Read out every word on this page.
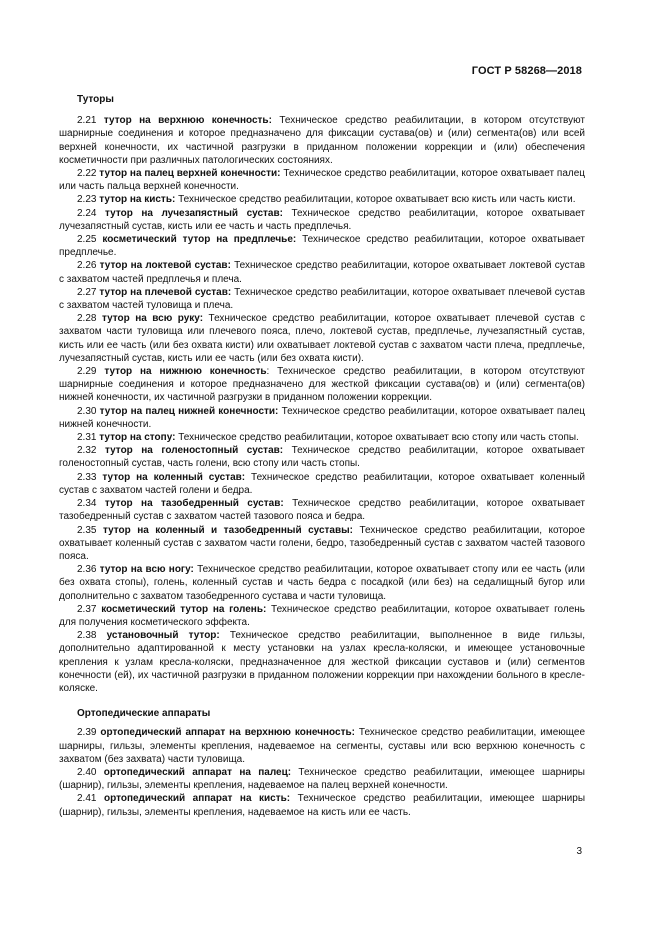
ГОСТ Р 58268—2018
Туторы

2.21 тутор на верхнюю конечность: Техническое средство реабилитации, в котором отсутствуют шарнирные соединения и которое предназначено для фиксации сустава(ов) и (или) сегмента(ов) или всей верхней конечности, их частичной разгрузки в приданном положении коррекции и (или) обеспечения косметичности при различных патологических состояниях.

2.22 тутор на палец верхней конечности: Техническое средство реабилитации, которое охватывает палец или часть пальца верхней конечности.

2.23 тутор на кисть: Техническое средство реабилитации, которое охватывает всю кисть или часть кисти.

2.24 тутор на лучезапястный сустав: Техническое средство реабилитации, которое охватывает лучезапястный сустав, кисть или ее часть и часть предплечья.

2.25 косметический тутор на предплечье: Техническое средство реабилитации, которое охватывает предплечье.

2.26 тутор на локтевой сустав: Техническое средство реабилитации, которое охватывает локтевой сустав с захватом частей предплечья и плеча.

2.27 тутор на плечевой сустав: Техническое средство реабилитации, которое охватывает плечевой сустав с захватом частей туловища и плеча.

2.28 тутор на всю руку: Техническое средство реабилитации, которое охватывает плечевой сустав с захватом части туловища или плечевого пояса, плечо, локтевой сустав, предплечье, лучезапястный сустав, кисть или ее часть (или без охвата кисти) или охватывает локтевой сустав с захватом части плеча, предплечье, лучезапястный сустав, кисть или ее часть (или без охвата кисти).

2.29 тутор на нижнюю конечность: Техническое средство реабилитации, в котором отсутствуют шарнирные соединения и которое предназначено для жесткой фиксации сустава(ов) и (или) сегмента(ов) нижней конечности, их частичной разгрузки в приданном положении коррекции.

2.30 тутор на палец нижней конечности: Техническое средство реабилитации, которое охватывает палец нижней конечности.

2.31 тутор на стопу: Техническое средство реабилитации, которое охватывает всю стопу или часть стопы.

2.32 тутор на голеностопный сустав: Техническое средство реабилитации, которое охватывает голеностопный сустав, часть голени, всю стопу или часть стопы.

2.33 тутор на коленный сустав: Техническое средство реабилитации, которое охватывает коленный сустав с захватом частей голени и бедра.

2.34 тутор на тазобедренный сустав: Техническое средство реабилитации, которое охватывает тазобедренный сустав с захватом частей тазового пояса и бедра.

2.35 тутор на коленный и тазобедренный суставы: Техническое средство реабилитации, которое охватывает коленный сустав с захватом части голени, бедро, тазобедренный сустав с захватом частей тазового пояса.

2.36 тутор на всю ногу: Техническое средство реабилитации, которое охватывает стопу или ее часть (или без охвата стопы), голень, коленный сустав и часть бедра с посадкой (или без) на седалищный бугор или дополнительно с захватом тазобедренного сустава и части туловища.

2.37 косметический тутор на голень: Техническое средство реабилитации, которое охватывает голень для получения косметического эффекта.

2.38 установочный тутор: Техническое средство реабилитации, выполненное в виде гильзы, дополнительно адаптированной к месту установки на узлах кресла-коляски, и имеющее установочные крепления к узлам кресла-коляски, предназначенное для жесткой фиксации суставов и (или) сегментов конечности (ей), их частичной разгрузки в приданном положении коррекции при нахождении больного в кресле-коляске.

Ортопедические аппараты

2.39 ортопедический аппарат на верхнюю конечность: Техническое средство реабилитации, имеющее шарниры, гильзы, элементы крепления, надеваемое на сегменты, суставы или всю верхнюю конечность с захватом (без захвата) части туловища.

2.40 ортопедический аппарат на палец: Техническое средство реабилитации, имеющее шарниры (шарнир), гильзы, элементы крепления, надеваемое на палец верхней конечности.

2.41 ортопедический аппарат на кисть: Техническое средство реабилитации, имеющее шарниры (шарнир), гильзы, элементы крепления, надеваемое на кисть или ее часть.

3
